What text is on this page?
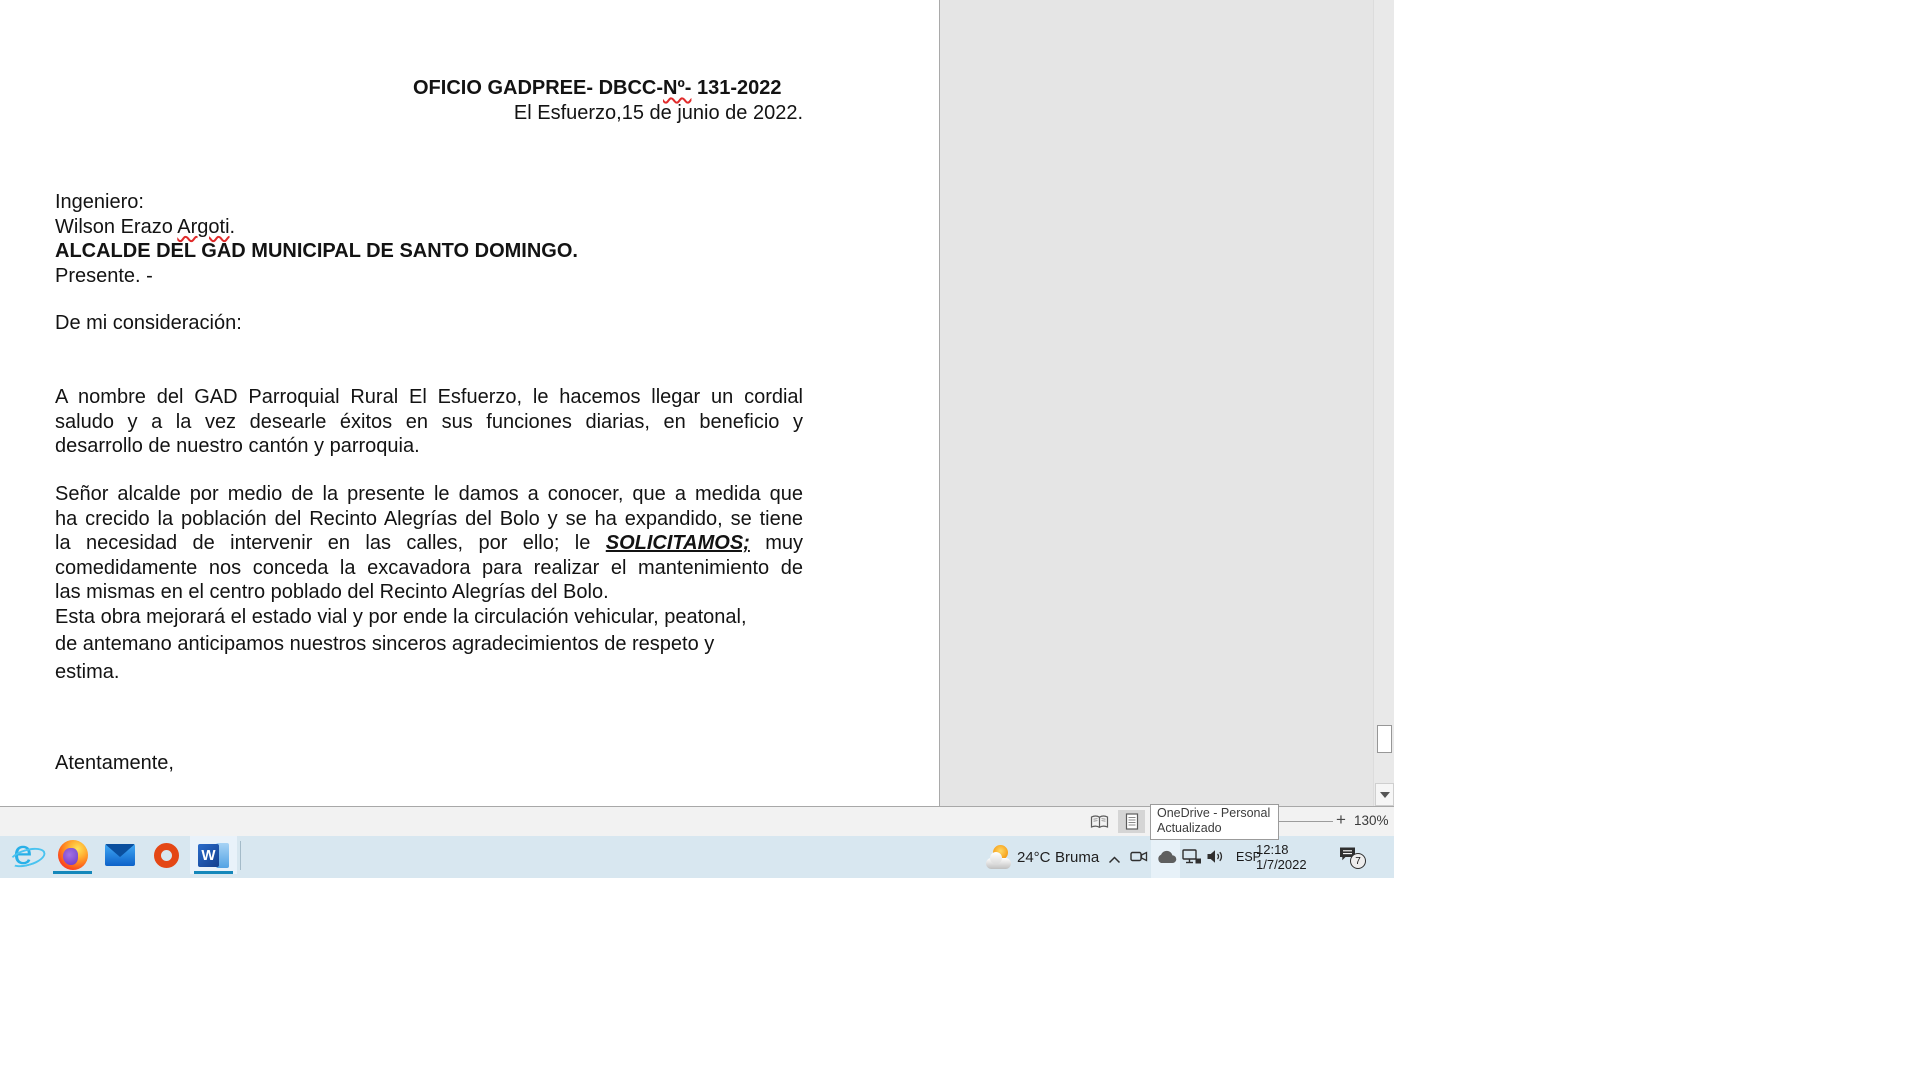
OFICIO GADPREE- DBCC-Nº- 131-2022
El Esfuerzo,15 de junio de 2022.
Ingeniero:
Wilson Erazo Argoti.
ALCALDE DEL GAD MUNICIPAL DE SANTO DOMINGO.
Presente. -
De mi consideración:
A nombre del GAD Parroquial Rural El Esfuerzo, le hacemos llegar un cordial
saludo y a la vez desearle éxitos en sus funciones diarias, en beneficio y
desarrollo de nuestro cantón y parroquia.
Señor alcalde por medio de la presente le damos a conocer, que a medida que
ha crecido la población del Recinto Alegrías del Bolo y se ha expandido, se tiene
la necesidad de intervenir en las calles, por ello; le SOLICITAMOS; muy
comedidamente nos conceda la excavadora para realizar el mantenimiento de
las mismas en el centro poblado del Recinto Alegrías del Bolo.
Esta obra mejorará el estado vial y por ende la circulación vehicular, peatonal,
de antemano anticipamos nuestros sinceros agradecimientos de respeto y
estima.
Atentamente,
+ 130%
OneDrive - Personal
Actualizado
e	W	24°C Bruma	ESP
12:18
1/7/2022	7
